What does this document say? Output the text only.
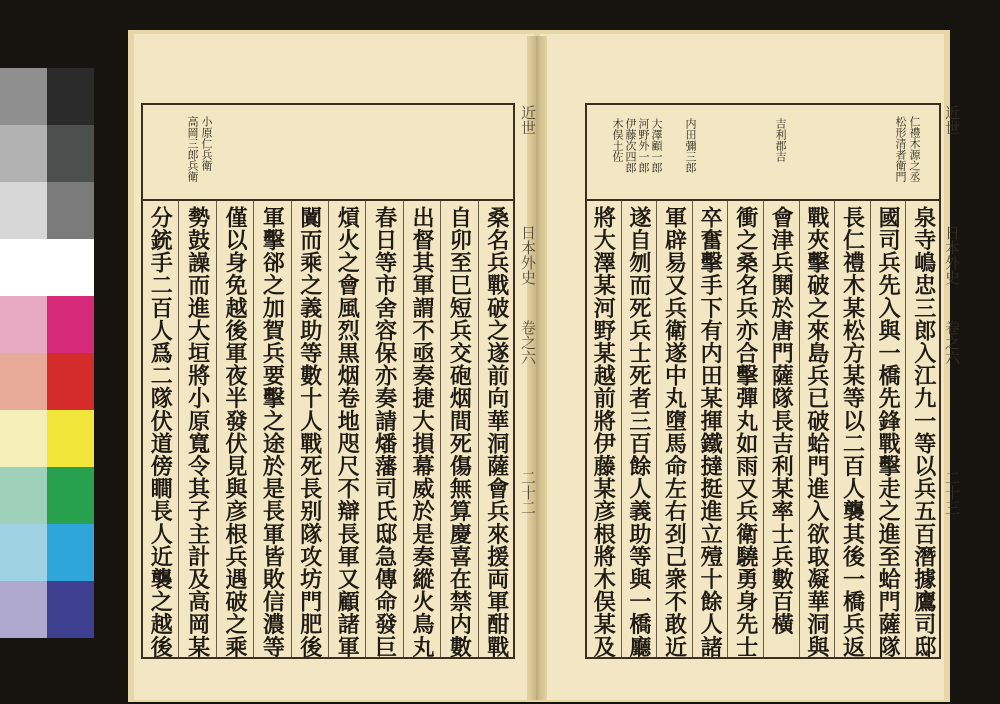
小原仁兵衛
高岡三郎兵衛
桑名兵戰破之遂前向華洞薩會兵來援両軍酣戰
自卯至巳短兵交砲烟間死傷無算慶喜在禁内數
出督其軍謂不亟奏捷大損幕威於是奏縱火鳥丸
春日等市舍容保亦奏請燔藩司氏邸急傳命發巨
熕火之會風烈黒烟卷地咫尺不辯長軍又顧諸軍
闐而乘之義助等數十人戰死長别隊攻坊門肥後
軍擊郤之加賀兵要擊之途於是長軍皆敗信濃等
僅以身免越後軍夜半發伏見與彦根兵遇破之乘
勢鼓譟而進大垣將小原寬令其子主計及高岡某
分銃手二百人爲二隊伏道傍瞷長人近襲之越後
近世
日本外史
卷之六
二十二
仁禮木源之丞
松形清者衛門
吉利郡吉
内田彌三郎
大澤顧一郎
河野外一郎
伊藤次四郎
木俣土佐
泉寺嶋忠三郎入江九一等以兵五百潛據鷹司邸
國司兵先入與一橋先鋒戰擊走之進至蛤門薩隊
長仁禮木某松方某等以二百人襲其後一橋兵返
戰夾擊破之來島兵已破蛤門進入欲取凝華洞與
會津兵鬨於唐門薩隊長吉利某率士兵數百橫
衝之桑名兵亦合擊彈丸如雨又兵衛驍勇身先士
卒奮擊手下有内田某揮鐵撻挺進立殪十餘人諸
軍辟易又兵衛遂中丸墮馬命左右刭己衆不敢近
遂自刎而死兵士死者三百餘人義助等與一橋廳
將大澤某河野某越前將伊藤某彦根將木俣某及
近世
日本外史
卷之六
二十三
